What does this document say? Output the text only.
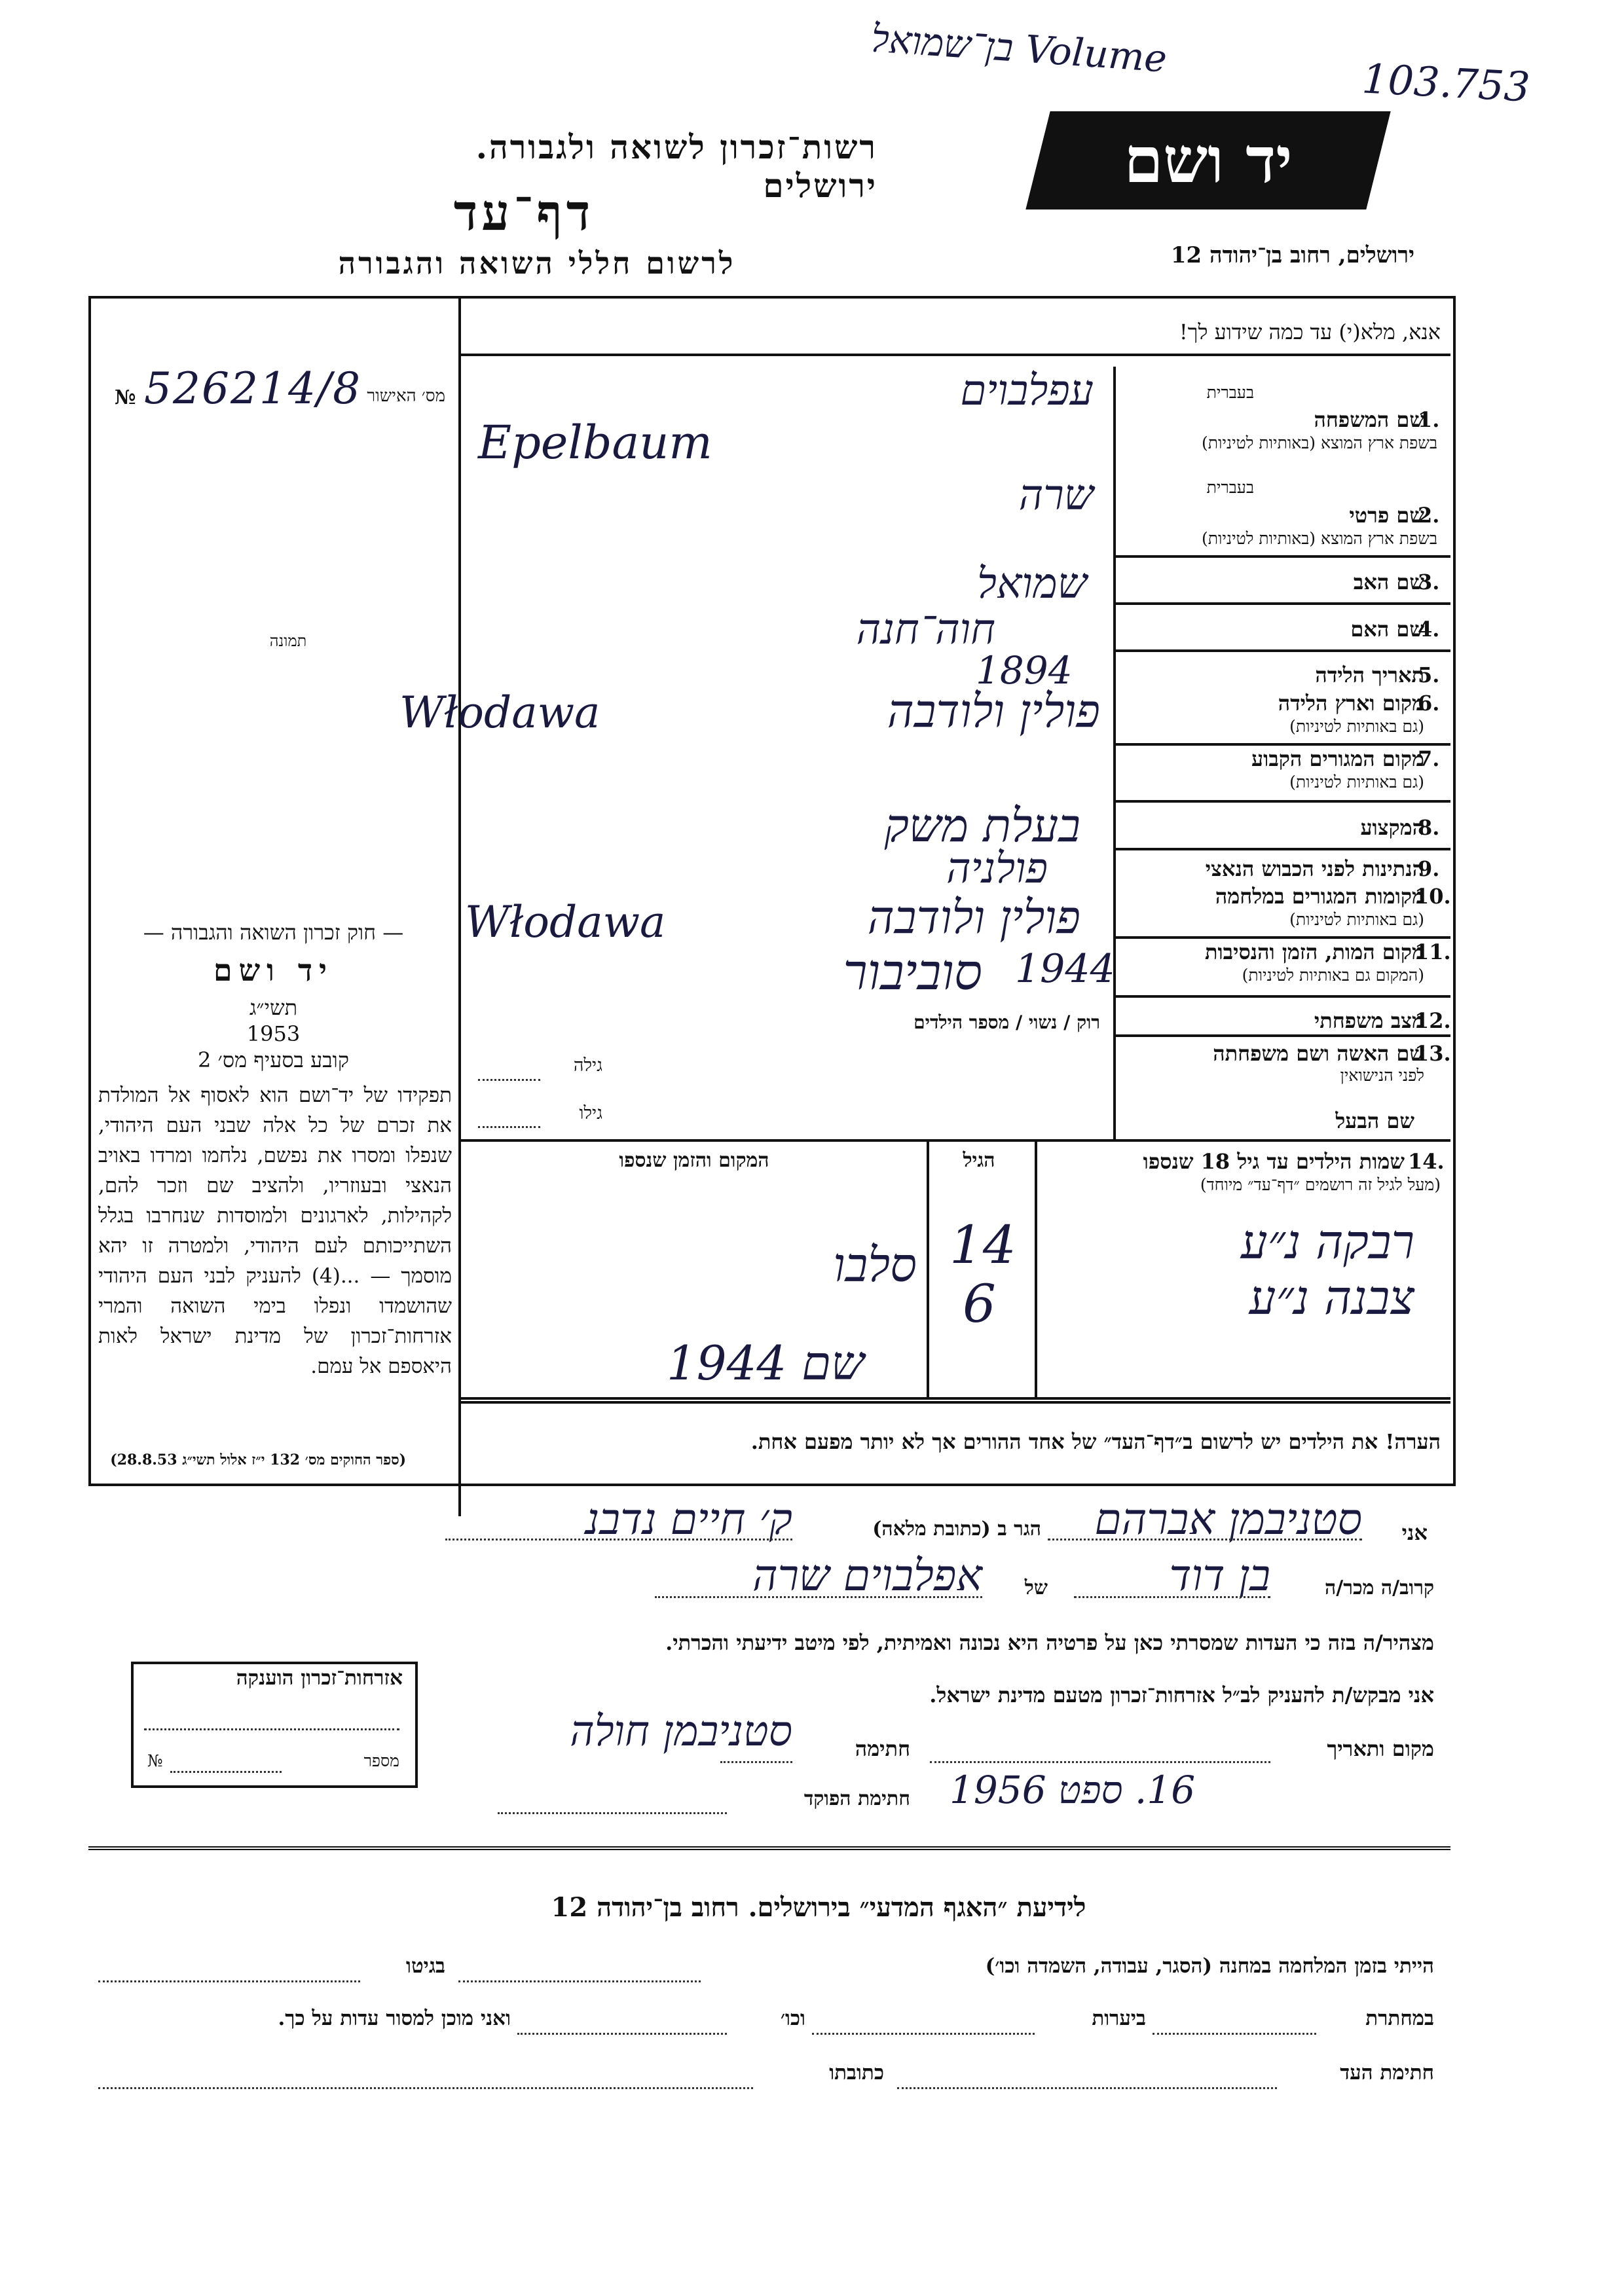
בן־שמואל Volume
103.753
רשות־זכרון לשואה ולגבורה. ירושלים
דף־עד
לרשום חללי השואה והגבורה
יד ושם
ירושלים, רחוב בן־יהודה 12
מס׳ האישור
№ 526214/8
תמונה
— חוק זכרון השואה והגבורה —
יד ושם
תשי״ג
1953
קובע בסעיף מס׳ 2
תפקידו של יד־ושם הוא לאסוף אל המולדת את זכרם של כל אלה שבני העם היהודי, שנפלו ומסרו את נפשם, נלחמו ומרדו באויב הנאצי ובעוזריו, ולהציב שם וזכר להם, לקהילות, לארגונים ולמוסדות שנחרבו בגלל השתייכותם לעם היהודי, ולמטרה זו יהא מוסמך — ...(4) להעניק לבני העם היהודי שהושמדו ונפלו בימי השואה והמרי אזרחות־זכרון של מדינת ישראל לאות היאספם אל עמם.
(ספר החוקים מס׳ 132 י״ז אלול תשי״ג 28.8.53)
אנא, מלא(י) עד כמה שידוע לך!
בעברית
שם המשפחה
1.
בשפת ארץ המוצא (באותיות לטיניות)
עפלבוים
Epelbaum
בעברית
שם פרטי
2.
בשפת ארץ המוצא (באותיות לטיניות)
שרה
שם האב
3.
שמואל
שם האם
4.
חוה־חנה
תאריך הלידה
5.
1894
מקום וארץ הלידה
6.
(גם באותיות לטיניות)
פולין ולודבה
Włodawa
מקום המגורים הקבוע
7.
(גם באותיות לטיניות)
המקצוע
8.
בעלת משק
הנתינות לפני הכבוש הנאצי
9.
פולניה
מקומות המגורים במלחמה
10.
(גם באותיות לטיניות)
פולין ולודבה
Włodawa
מקום המות, הזמן והנסיבות
11.
(המקום גם באותיות לטיניות)
סוביבור 1944
מצב משפחתי
12.
רוק / נשוי / מספר הילדים
שם האשה ושם משפחתה
13.
לפני הנישואין
גילה
שם הבעל
גילו
14.
שמות הילדים עד גיל 18 שנספו
(מעל לגיל זה רושמים ״דף־עד״ מיוחד)
הגיל
המקום והזמן שנספו
רבקה נ״ע
14
סלבו
צבנה נ״ע
6
שם 1944
הערה! את הילדים יש לרשום ב״דף־העד״ של אחד ההורים אך לא יותר מפעם אחת.
אני
סטניבמן אברהם
הגר ב (כתובת מלאה)
ק׳ חיים נדבנ
קרוב/ה מכר/ה
בן דוד
של
אפלבוים שרה
מצהיר/ה בזה כי העדות שמסרתי כאן על פרטיה היא נכונה ואמיתית, לפי מיטב ידיעתי והכרתי.
אני מבקש/ת להעניק לב״ל אזרחות־זכרון מטעם מדינת ישראל.
מקום ותאריך
חתימה
סטניבמן חולה
16. ספט 1956
חתימת הפוקד
אזרחות־זכרון הוענקה
מספר
№
לידיעת ״האגף המדעי״ בירושלים. רחוב בן־יהודה 12
הייתי בזמן המלחמה במחנה (הסגר, עבודה, השמדה וכו׳)
בגיטו
במחתרת
ביערות
וכו׳
ואני מוכן למסור עדות על כך.
חתימת העד
כתובתו
